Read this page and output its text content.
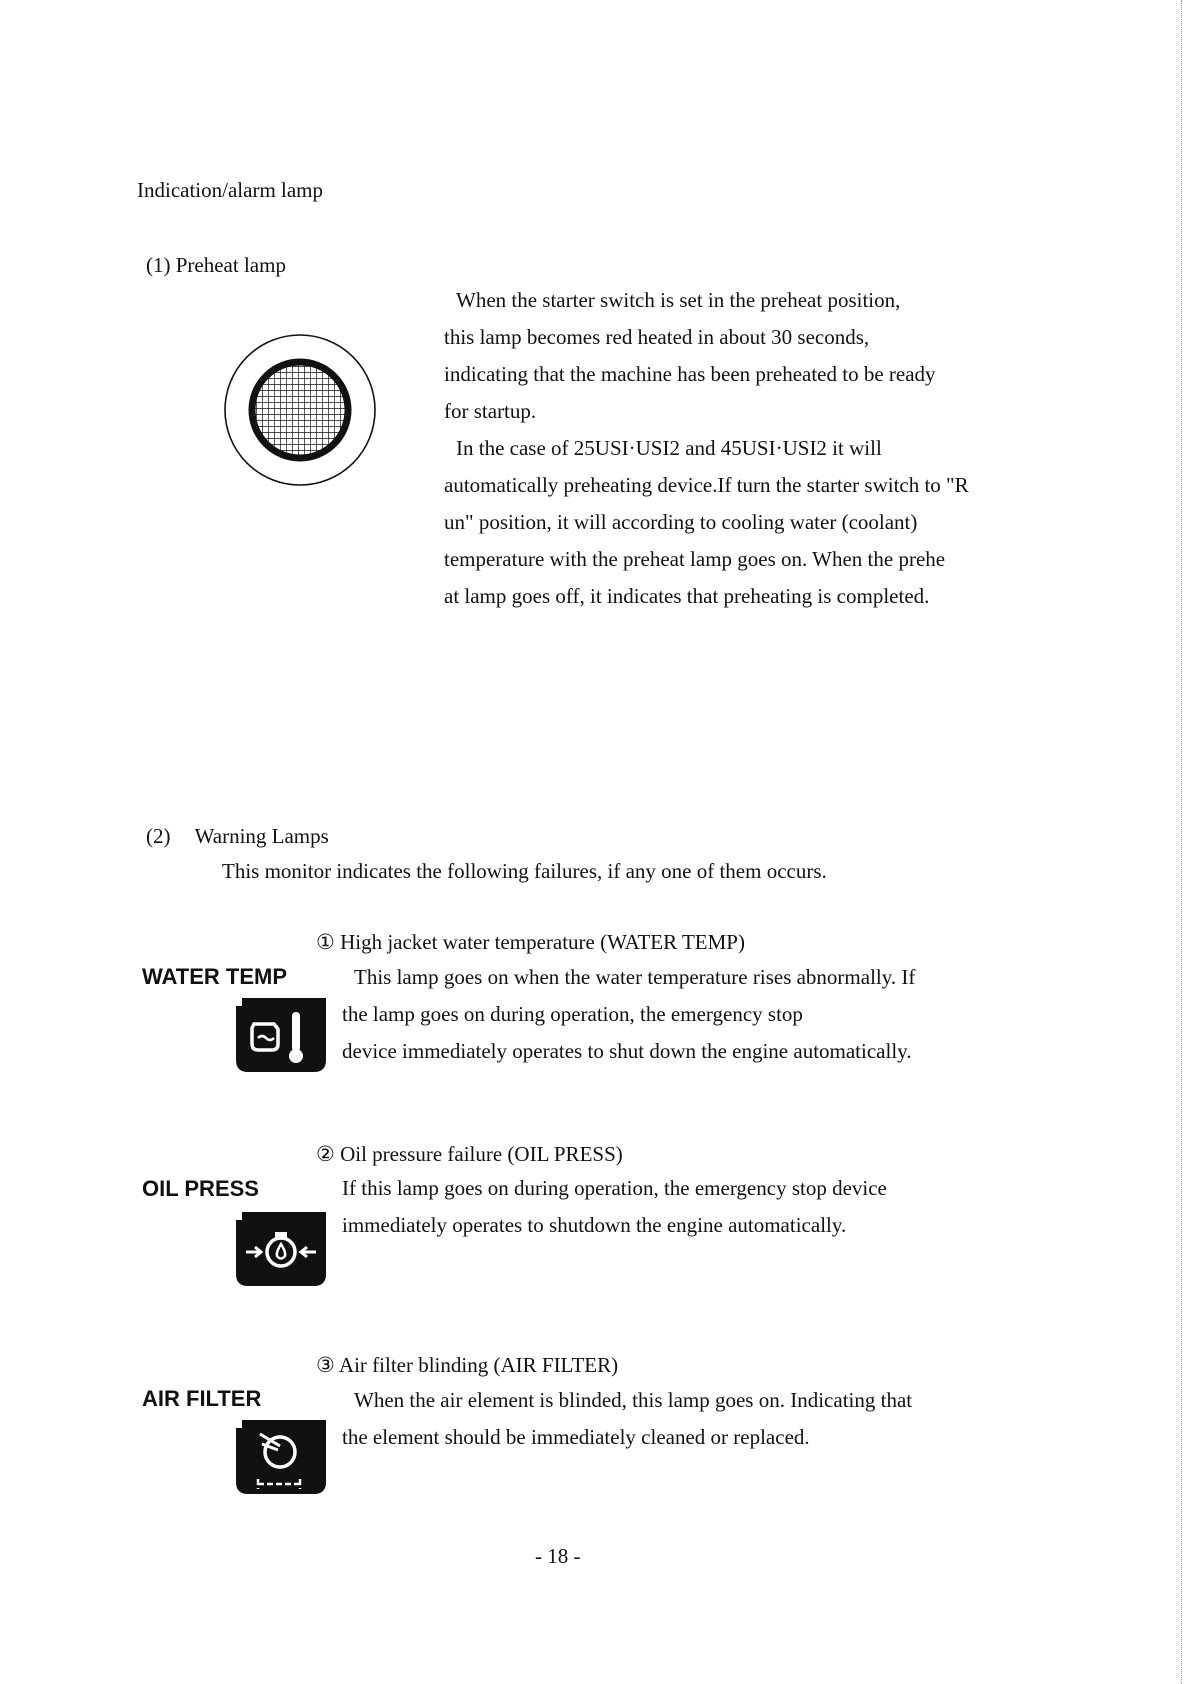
Indication/alarm lamp
(1) Preheat lamp
When the starter switch is set in the preheat position,
this lamp becomes red heated in about 30 seconds,
indicating that the machine has been preheated to be ready
for startup.
In the case of 25USI·USI2 and 45USI·USI2 it will
automatically preheating device.If turn the starter switch to "R
un" position, it will according to cooling water (coolant)
temperature with the preheat lamp goes on. When the prehe
at lamp goes off, it indicates that preheating is completed.
(2) Warning Lamps
This monitor indicates the following failures, if any one of them occurs.
① High jacket water temperature (WATER TEMP)
WATER TEMP	This lamp goes on when the water temperature rises abnormally. If
the lamp goes on during operation, the emergency stop
device immediately operates to shut down the engine automatically.
② Oil pressure failure (OIL PRESS)
OIL PRESS	If this lamp goes on during operation, the emergency stop device
immediately operates to shutdown the engine automatically.
③ Air filter blinding (AIR FILTER)
AIR FILTER	When the air element is blinded, this lamp goes on. Indicating that
the element should be immediately cleaned or replaced.
- 18 -
